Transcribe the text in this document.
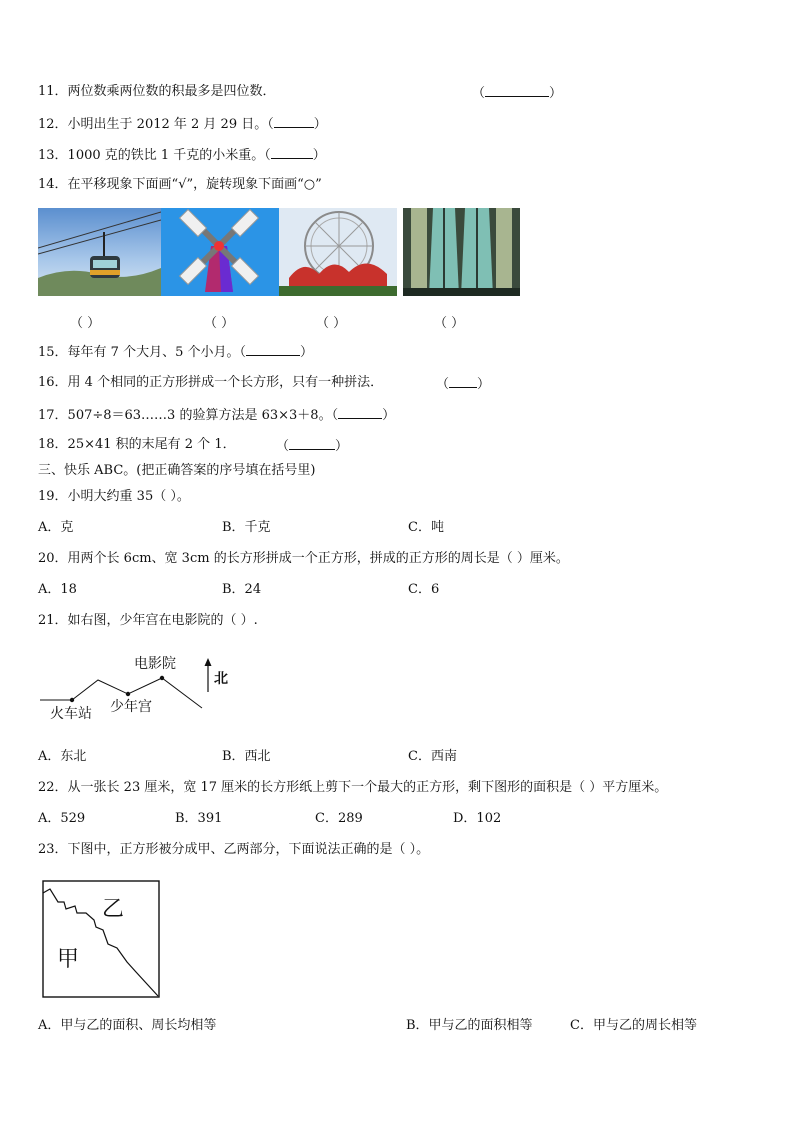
11．两位数乘两位数的积最多是四位数．	（	）
12．小明出生于 2012 年 2 月 29 日。（	）
13．1000 克的铁比 1 千克的小米重。（	）
14．在平移现象下面画“√”，旋转现象下面画“○”
（ ）	（ ）	（ ）	（ ）
15．每年有 7 个大月、5 个小月。（	）
16．用 4 个相同的正方形拼成一个长方形，只有一种拼法．	（ ）
17．507÷8＝63……3 的验算方法是 63×3＋8。（	）
18．25×41 积的末尾有 2 个 1．	（	）
三、快乐 ABC。(把正确答案的序号填在括号里)
19．小明大约重 35（ ）。
A．克	B．千克	C．吨
20．用两个长 6cm、宽 3cm 的长方形拼成一个正方形，拼成的正方形的周长是（ ）厘米。
A．18	B．24	C．6
21．如右图，少年宫在电影院的（ ）.
电影院
少年宫
火车站
北
A．东北	B．西北	C．西南
22．从一张长 23 厘米，宽 17 厘米的长方形纸上剪下一个最大的正方形，剩下图形的面积是（ ）平方厘米。
A．529	B．391	C．289	D．102
23．下图中，正方形被分成甲、乙两部分，下面说法正确的是（ ）。
乙
甲
A．甲与乙的面积、周长均相等	B．甲与乙的面积相等	C．甲与乙的周长相等
